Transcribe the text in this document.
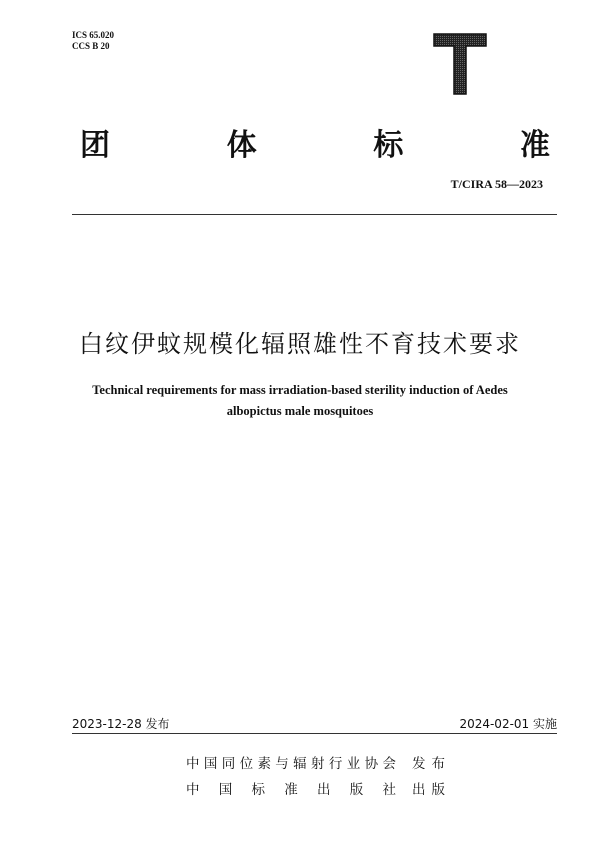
ICS 65.020
CCS B 20
T
团	体	标	准
T/CIRA 58—2023
白纹伊蚊规模化辐照雄性不育技术要求
Technical requirements for mass irradiation-based sterility induction of Aedes
albopictus male mosquitoes
2023-12-28 发布	2024-02-01 实施
中 国 同 位 素 与 辐 射 行 业 协 会 发布
中 国 标 准 出 版 社 出版
